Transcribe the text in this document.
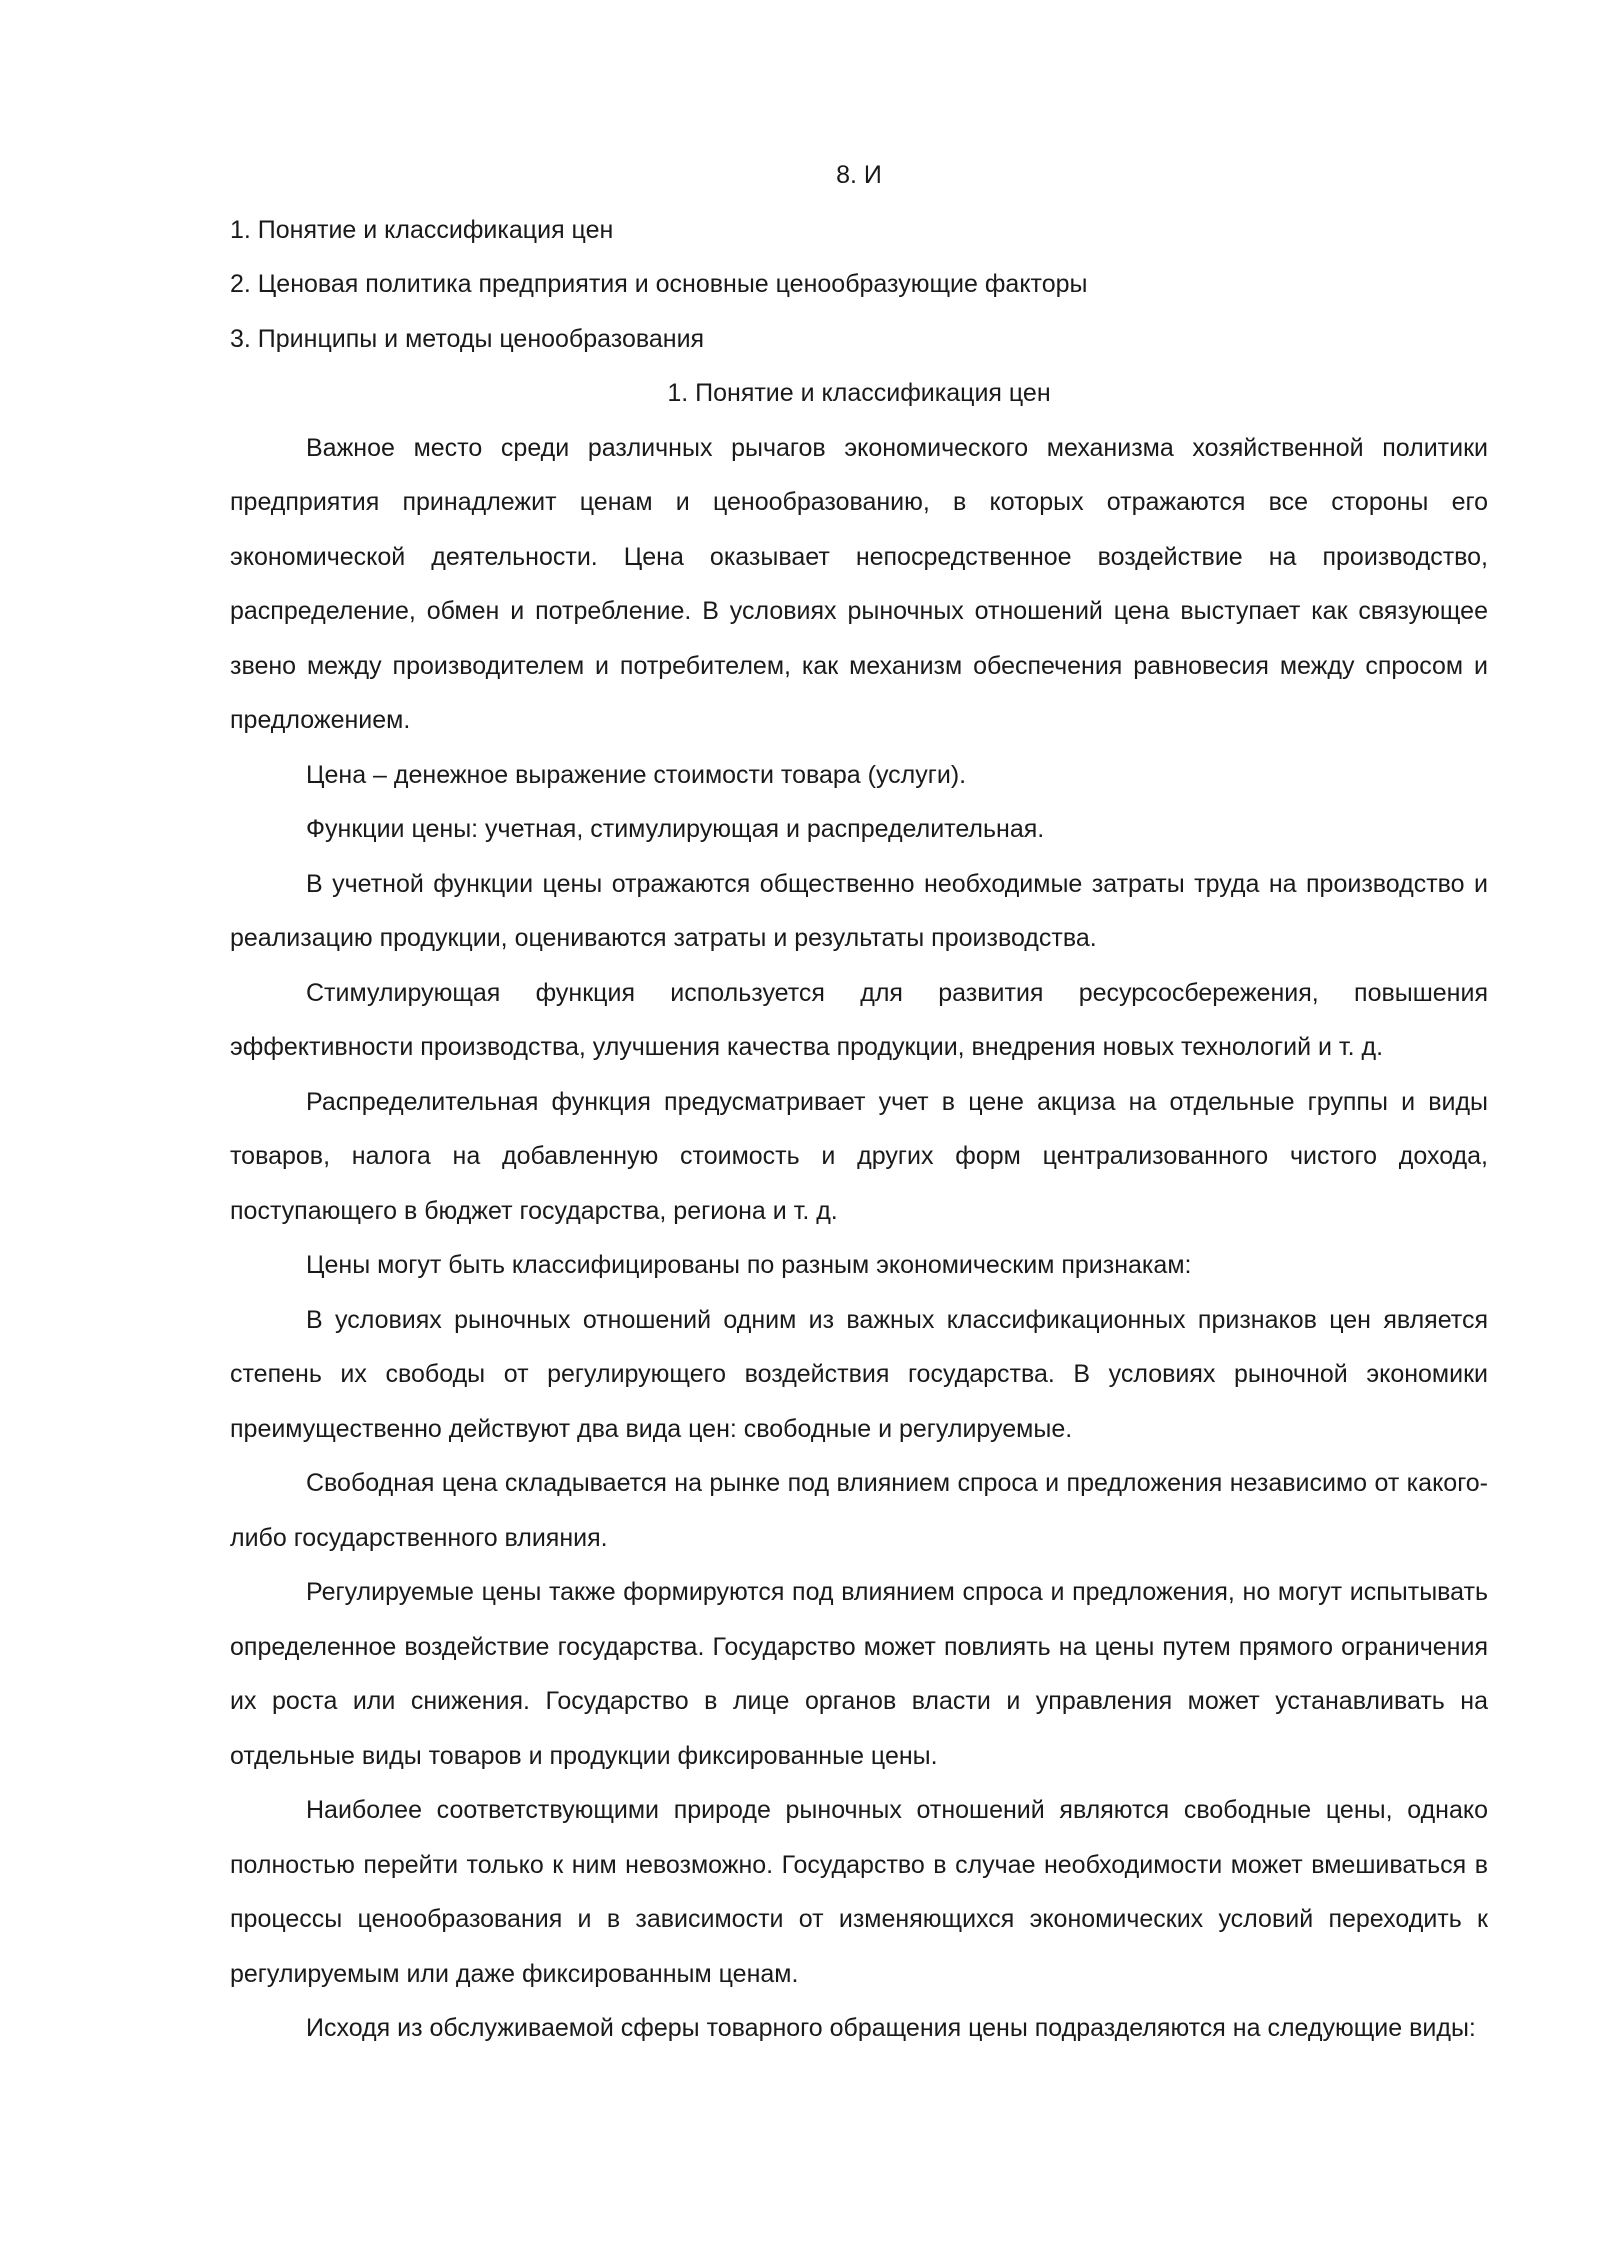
8. И
1. Понятие и классификация цен
2. Ценовая политика предприятия и основные ценообразующие факторы
3. Принципы и методы ценообразования
1. Понятие и классификация цен

Важное место среди различных рычагов экономического механизма хозяйственной политики предприятия принадлежит ценам и ценообразованию, в которых отражаются все стороны его экономической деятельности. Цена оказывает непосредственное воздействие на производство, распределение, обмен и потребление. В условиях рыночных отношений цена выступает как связующее звено между производителем и потребителем, как механизм обеспечения равновесия между спросом и предложением.

Цена – денежное выражение стоимости товара (услуги).

Функции цены: учетная, стимулирующая и распределительная.

В учетной функции цены отражаются общественно необходимые затраты труда на производство и реализацию продукции, оцениваются затраты и результаты производства.

Стимулирующая функция используется для развития ресурсосбережения, повышения эффективности производства, улучшения качества продукции, внедрения новых технологий и т. д.

Распределительная функция предусматривает учет в цене акциза на отдельные группы и виды товаров, налога на добавленную стоимость и других форм централизованного чистого дохода, поступающего в бюджет государства, региона и т. д.

Цены могут быть классифицированы по разным экономическим признакам:

В условиях рыночных отношений одним из важных классификационных признаков цен является степень их свободы от регулирующего воздействия государства. В условиях рыночной экономики преимущественно действуют два вида цен: свободные и регулируемые.

Свободная цена складывается на рынке под влиянием спроса и предложения независимо от какого-либо государственного влияния.

Регулируемые цены также формируются под влиянием спроса и предложения, но могут испытывать определенное воздействие государства. Государство может повлиять на цены путем прямого ограничения их роста или снижения. Государство в лице органов власти и управления может устанавливать на отдельные виды товаров и продукции фиксированные цены.

Наиболее соответствующими природе рыночных отношений являются свободные цены, однако полностью перейти только к ним невозможно. Государство в случае необходимости может вмешиваться в процессы ценообразования и в зависимости от изменяющихся экономических условий переходить к регулируемым или даже фиксированным ценам.

Исходя из обслуживаемой сферы товарного обращения цены подразделяются на следующие виды:
